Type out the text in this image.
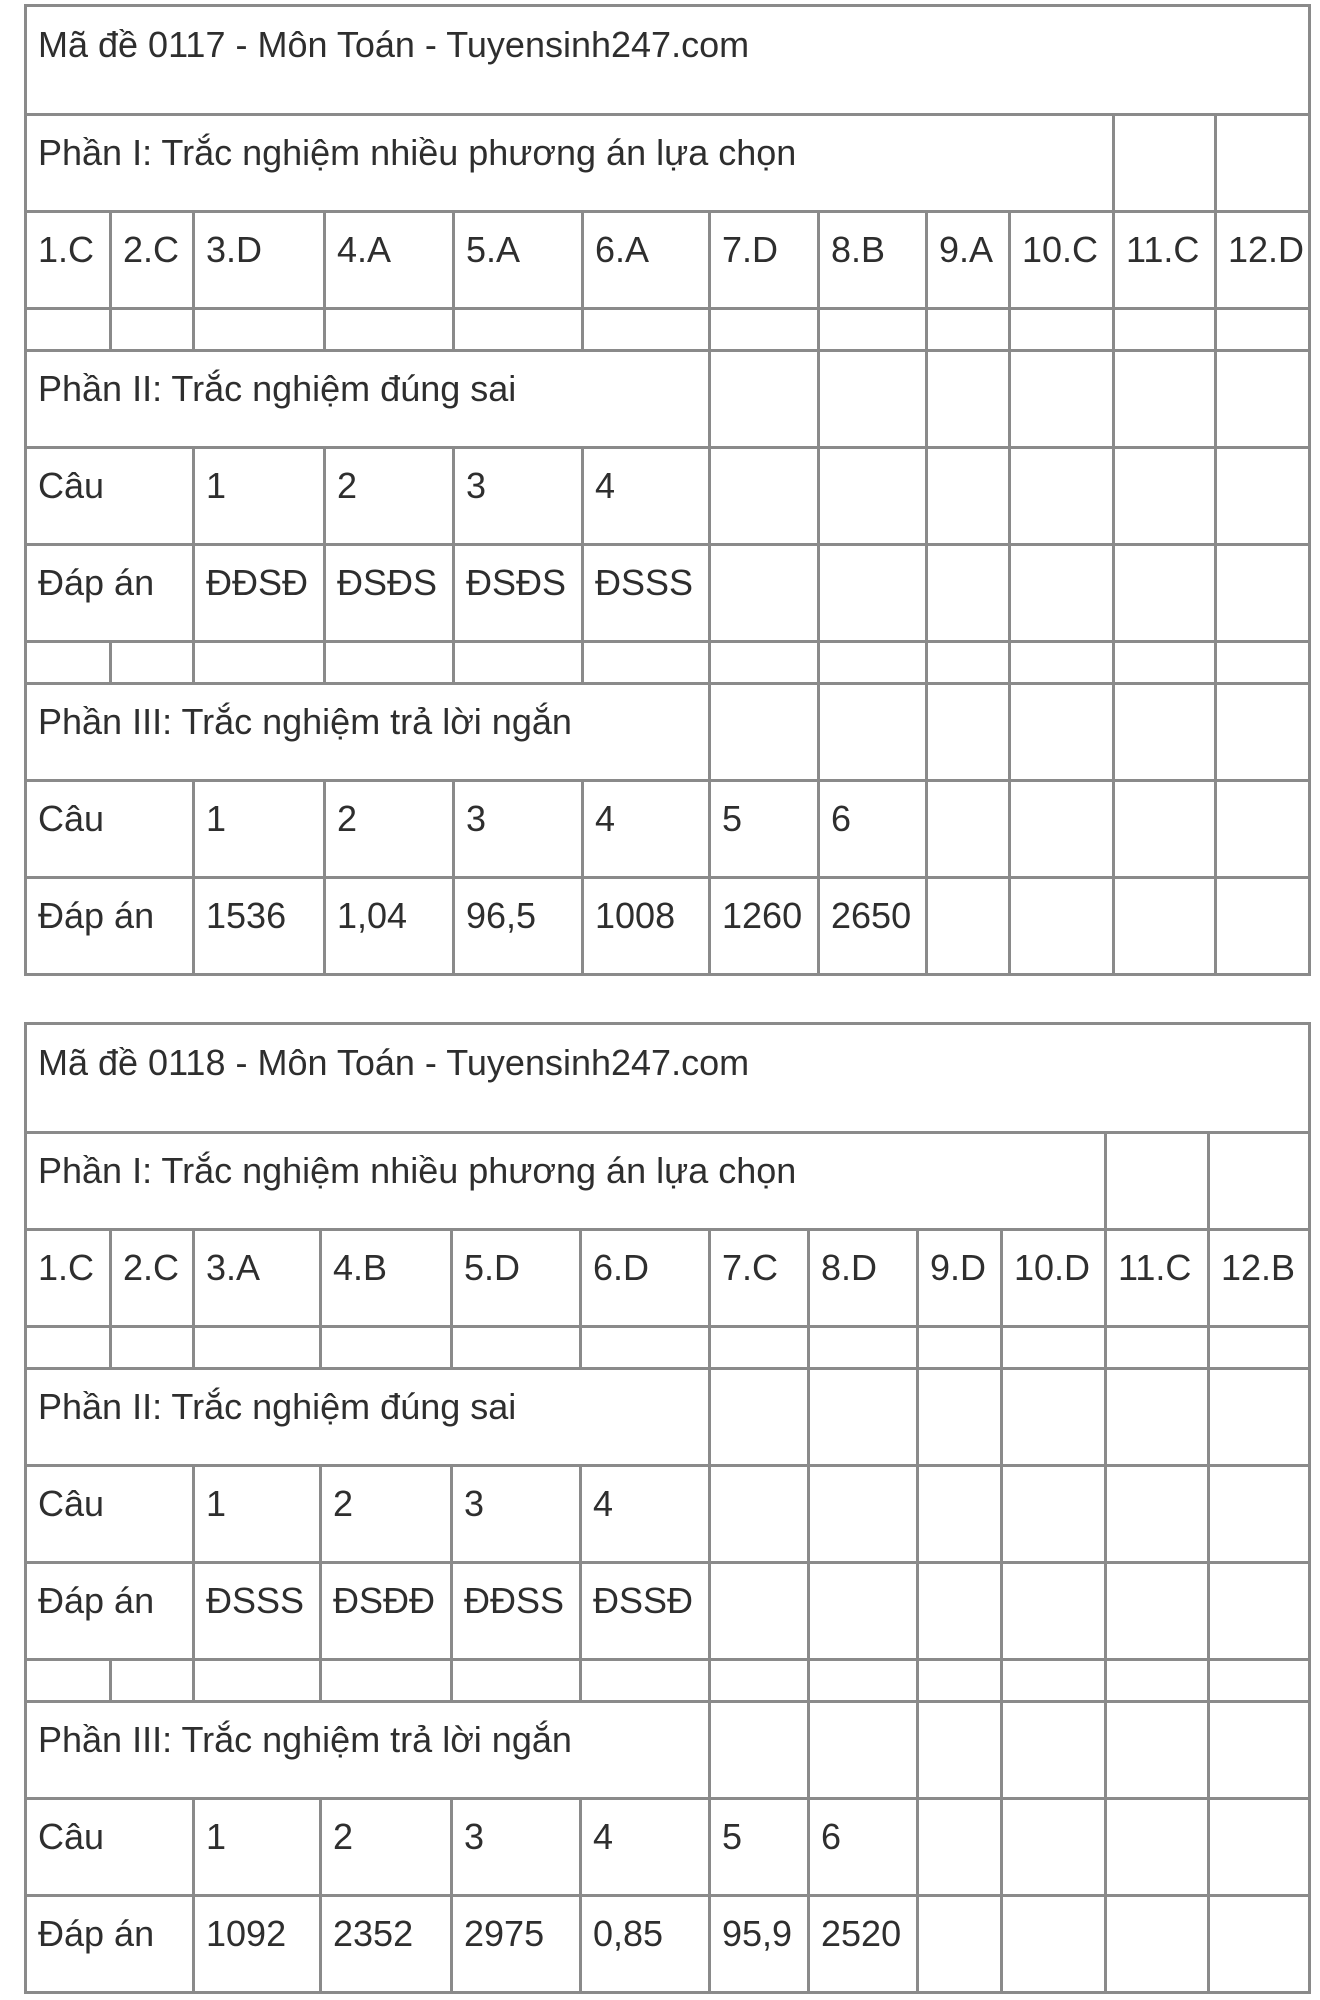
Mã đề 0117 - Môn Toán - Tuyensinh247.com											
Phần I: Trắc nghiệm nhiều phương án lựa chọn											
1.C	2.C	3.D	4.A	5.A	6.A	7.D	8.B	9.A	10.C	11.C	12.D

Phần II: Trắc nghiệm đúng sai											
Câu		1	2	3	4						
Đáp án		ĐĐSĐ	ĐSĐS	ĐSĐS	ĐSSS						

Phần III: Trắc nghiệm trả lời ngắn											
Câu		1	2	3	4	5	6				
Đáp án		1536	1,04	96,5	1008	1260	2650				
Mã đề 0118 - Môn Toán - Tuyensinh247.com											
Phần I: Trắc nghiệm nhiều phương án lựa chọn											
1.C	2.C	3.A	4.B	5.D	6.D	7.C	8.D	9.D	10.D	11.C	12.B

Phần II: Trắc nghiệm đúng sai											
Câu		1	2	3	4						
Đáp án		ĐSSS	ĐSĐĐ	ĐĐSS	ĐSSĐ						

Phần III: Trắc nghiệm trả lời ngắn											
Câu		1	2	3	4	5	6				
Đáp án		1092	2352	2975	0,85	95,9	2520				
